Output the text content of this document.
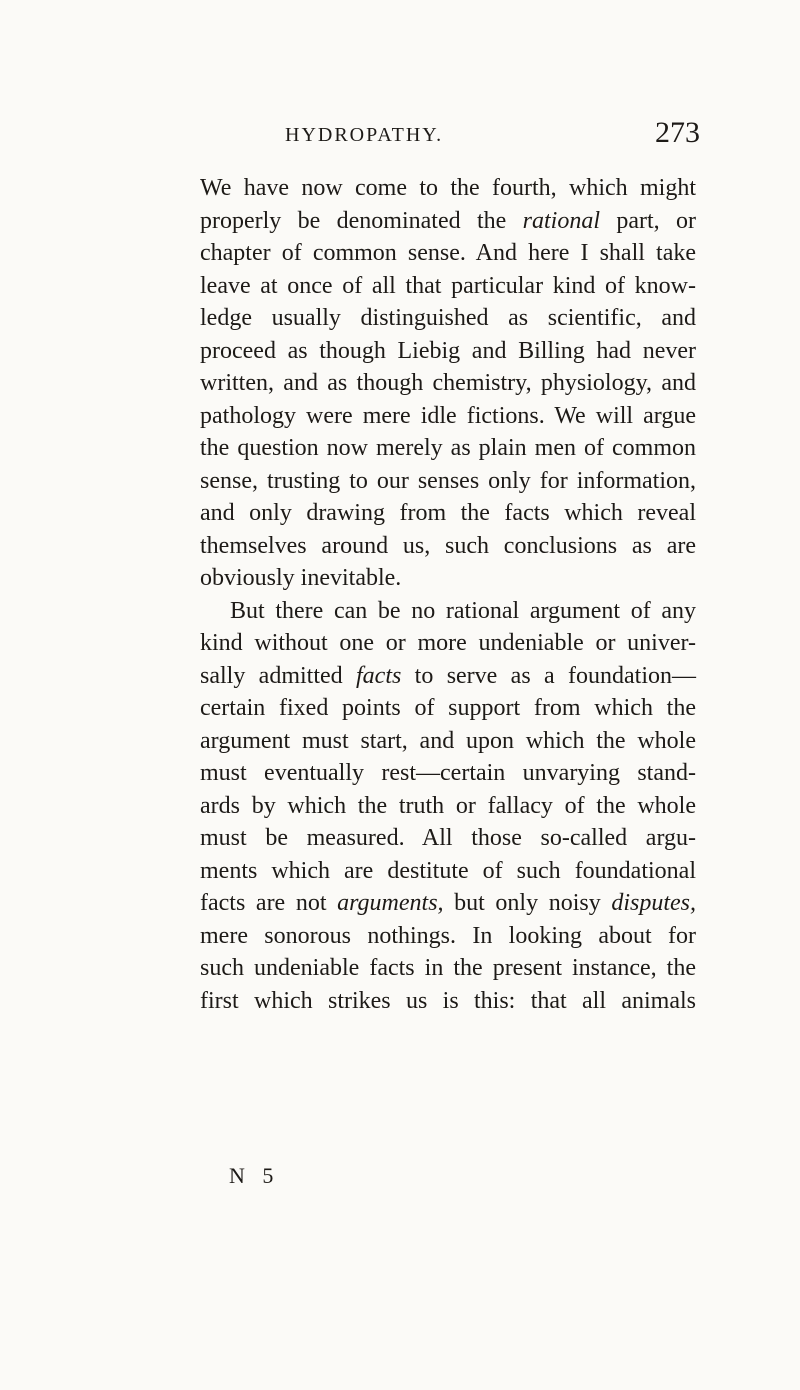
HYDROPATHY.	273
We have now come to the fourth, which might
properly be denominated the rational part, or
chapter of common sense. And here I shall take
leave at once of all that particular kind of know-
ledge usually distinguished as scientific, and
proceed as though Liebig and Billing had never
written, and as though chemistry, physiology, and
pathology were mere idle fictions. We will argue
the question now merely as plain men of common
sense, trusting to our senses only for information,
and only drawing from the facts which reveal
themselves around us, such conclusions as are
obviously inevitable.
But there can be no rational argument of any
kind without one or more undeniable or univer-
sally admitted facts to serve as a foundation—
certain fixed points of support from which the
argument must start, and upon which the whole
must eventually rest—certain unvarying stand-
ards by which the truth or fallacy of the whole
must be measured. All those so-called argu-
ments which are destitute of such foundational
facts are not arguments, but only noisy disputes,
mere sonorous nothings. In looking about for
such undeniable facts in the present instance, the
first which strikes us is this: that all animals
N 5
